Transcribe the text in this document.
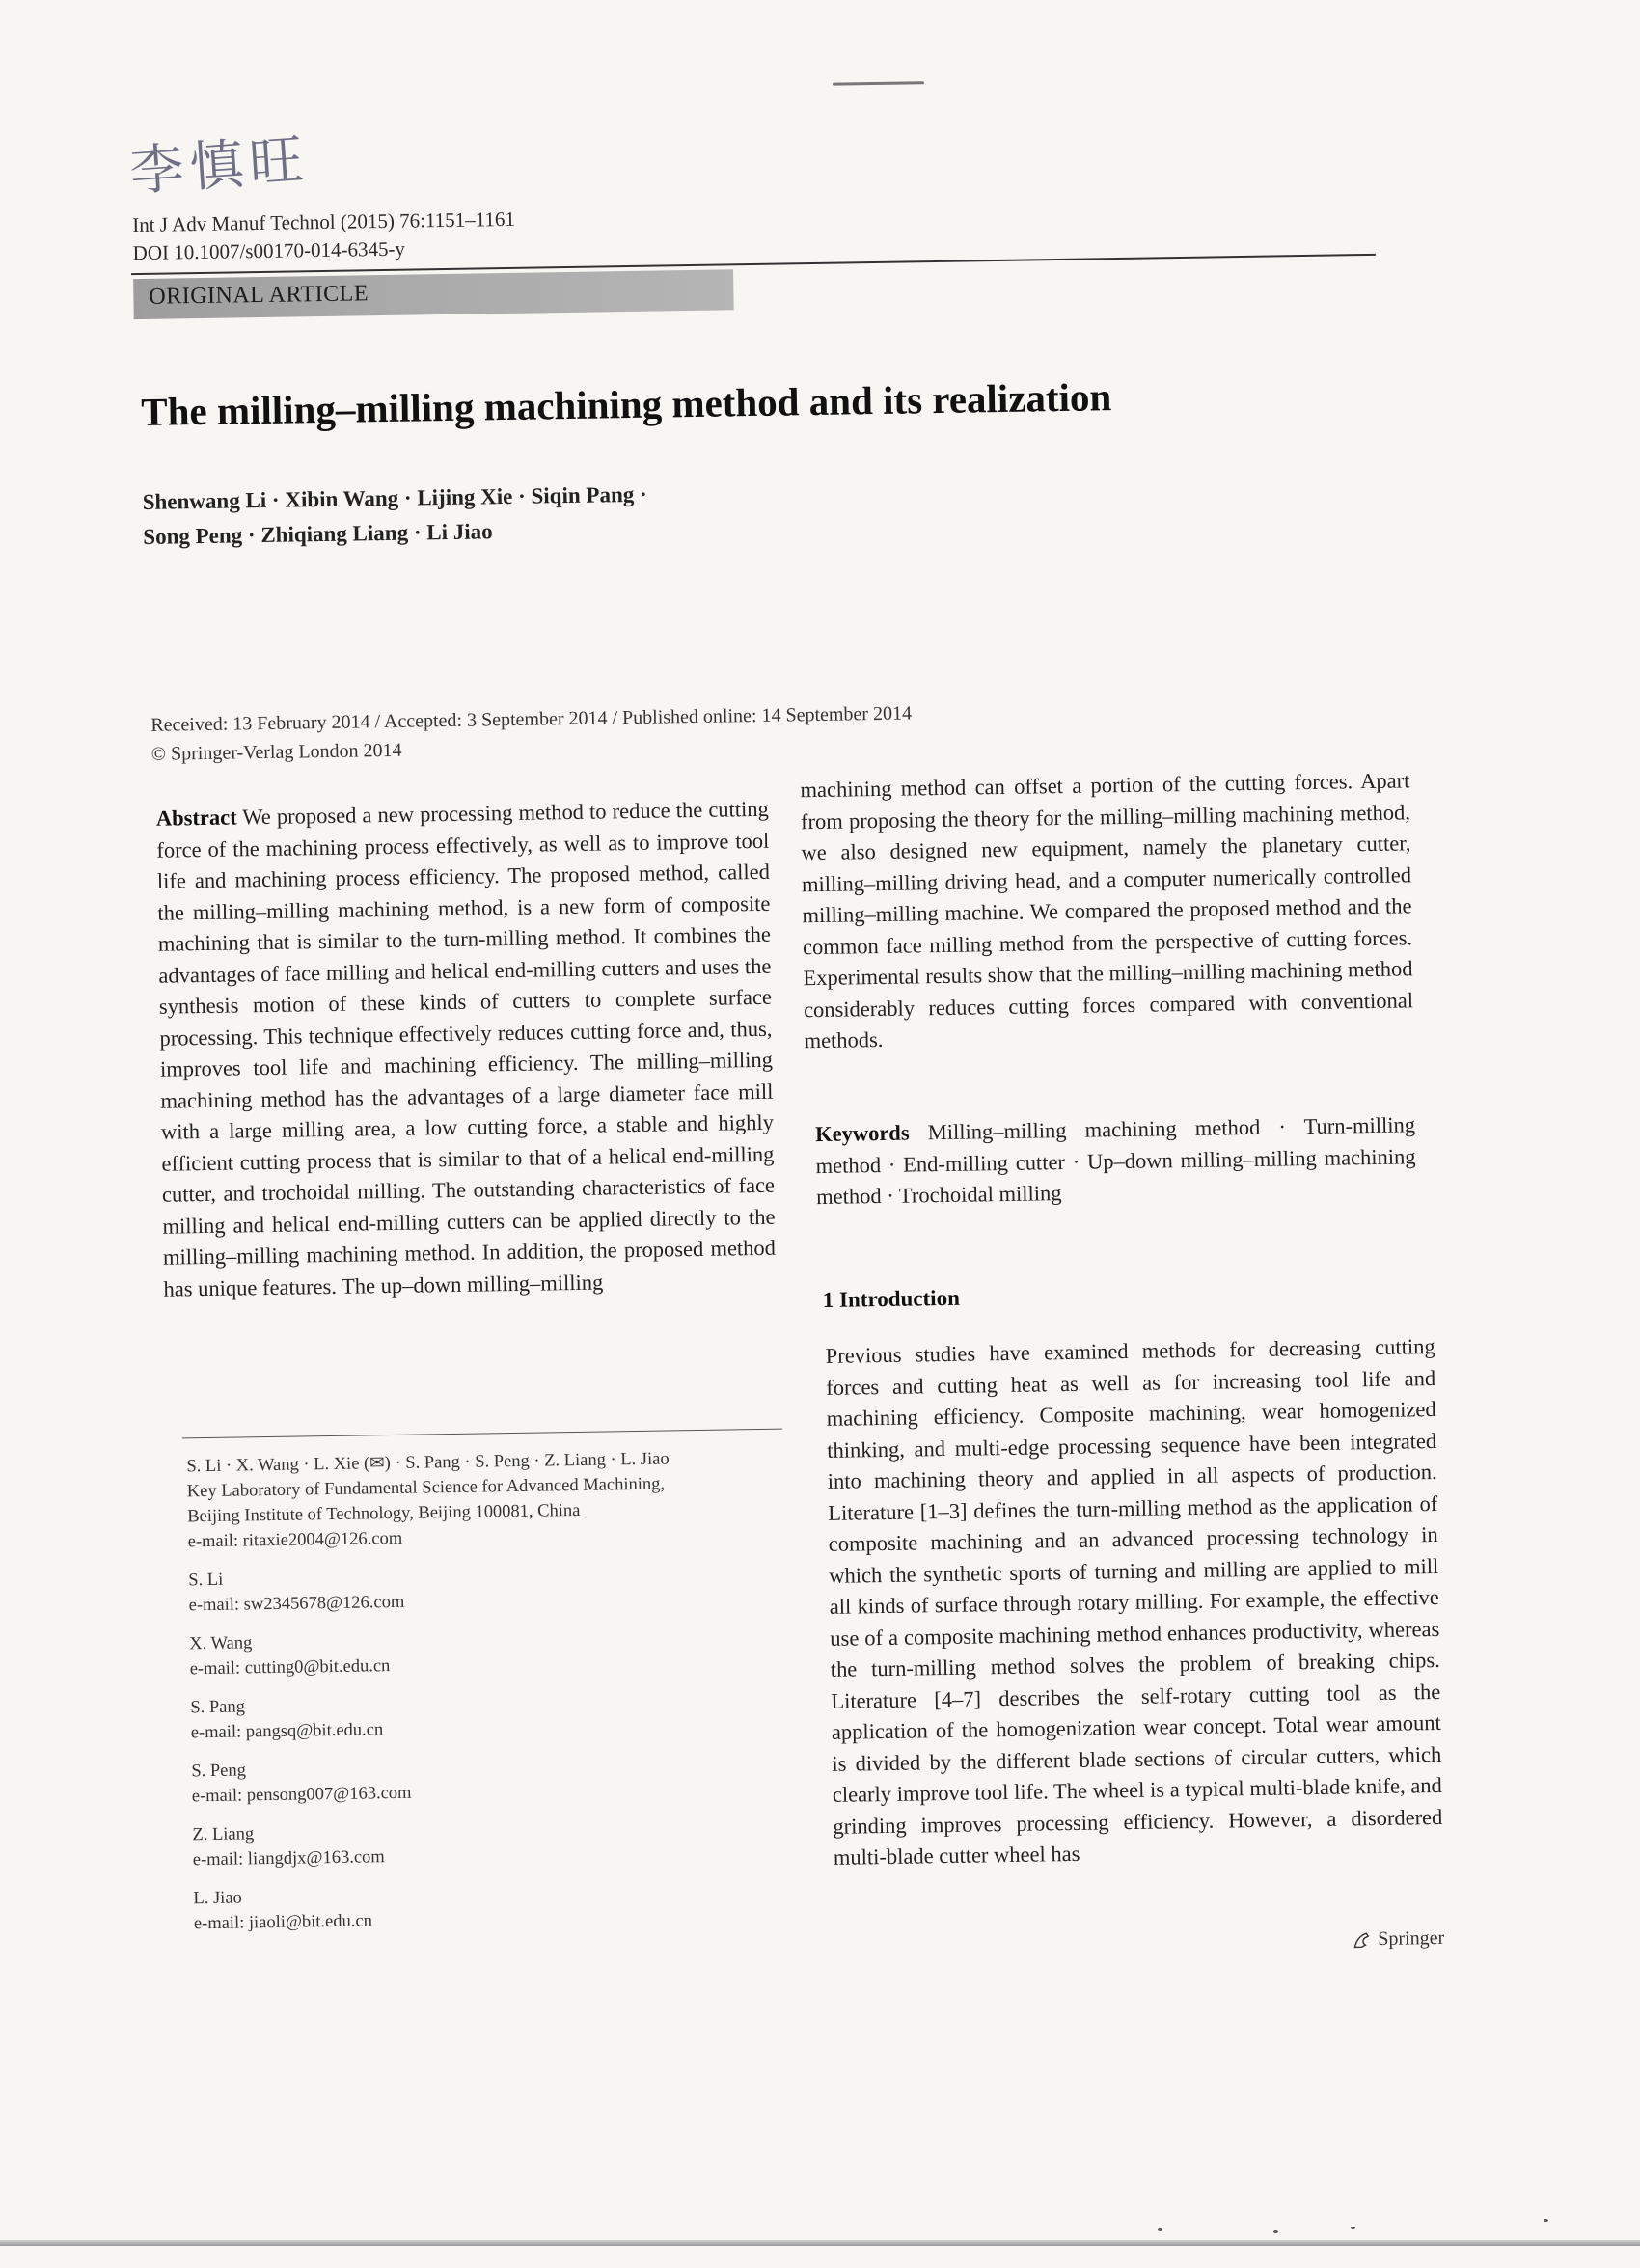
李慎旺
Int J Adv Manuf Technol (2015) 76:1151–1161
DOI 10.1007/s00170-014-6345-y
ORIGINAL ARTICLE
The milling–milling machining method and its realization
Shenwang Li · Xibin Wang · Lijing Xie · Siqin Pang ·
Song Peng · Zhiqiang Liang · Li Jiao
Received: 13 February 2014 / Accepted: 3 September 2014 / Published online: 14 September 2014
© Springer-Verlag London 2014
Abstract We proposed a new processing method to reduce the cutting force of the machining process effectively, as well as to improve tool life and machining process efficiency. The proposed method, called the milling–milling machining method, is a new form of composite machining that is similar to the turn-milling method. It combines the advantages of face milling and helical end-milling cutters and uses the synthesis motion of these kinds of cutters to complete surface processing. This technique effectively reduces cutting force and, thus, improves tool life and machining efficiency. The milling–milling machining method has the advantages of a large diameter face mill with a large milling area, a low cutting force, a stable and highly efficient cutting process that is similar to that of a helical end-milling cutter, and trochoidal milling. The outstanding characteristics of face milling and helical end-milling cutters can be applied directly to the milling–milling machining method. In addition, the proposed method has unique features. The up–down milling–milling

S. Li · X. Wang · L. Xie (✉) · S. Pang · S. Peng · Z. Liang · L. Jiao

Key Laboratory of Fundamental Science for Advanced Machining,

Beijing Institute of Technology, Beijing 100081, China

e-mail: ritaxie2004@126.com

S. Li

e-mail: sw2345678@126.com

X. Wang

e-mail: cutting0@bit.edu.cn

S. Pang

e-mail: pangsq@bit.edu.cn

S. Peng

e-mail: pensong007@163.com

Z. Liang

e-mail: liangdjx@163.com

L. Jiao

e-mail: jiaoli@bit.edu.cn

machining method can offset a portion of the cutting forces. Apart from proposing the theory for the milling–milling machining method, we also designed new equipment, namely the planetary cutter, milling–milling driving head, and a computer numerically controlled milling–milling machine. We compared the proposed method and the common face milling method from the perspective of cutting forces. Experimental results show that the milling–milling machining method considerably reduces cutting forces compared with conventional methods.
Keywords Milling–milling machining method · Turn-milling method · End-milling cutter · Up–down milling–milling machining method · Trochoidal milling
1 Introduction
Previous studies have examined methods for decreasing cutting forces and cutting heat as well as for increasing tool life and machining efficiency. Composite machining, wear homogenized thinking, and multi-edge processing sequence have been integrated into machining theory and applied in all aspects of production. Literature [1–3] defines the turn-milling method as the application of composite machining and an advanced processing technology in which the synthetic sports of turning and milling are applied to mill all kinds of surface through rotary milling. For example, the effective use of a composite machining method enhances productivity, whereas the turn-milling method solves the problem of breaking chips. Literature [4–7] describes the self-rotary cutting tool as the application of the homogenization wear concept. Total wear amount is divided by the different blade sections of circular cutters, which clearly improve tool life. The wheel is a typical multi-blade knife, and grinding improves processing efficiency. However, a disordered multi-blade cutter wheel has
Springer
